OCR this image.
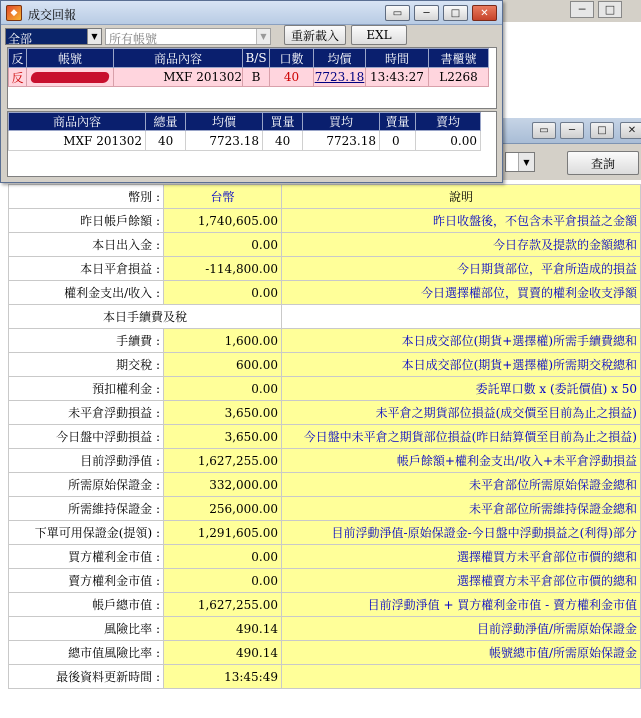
─	□
▭	─	□	✕
▼	查詢
幣別 :	台幣	說明
昨日帳戶餘額 :	1,740,605.00	昨日收盤後，不包含未平倉損益之金額
本日出入金 :	0.00	今日存款及提款的金額總和
本日平倉損益 :	-114,800.00	今日期貨部位，平倉所造成的損益
權利金支出/收入 :	0.00	今日選擇權部位，買賣的權利金收支淨額
本日手續費及稅		
手續費 :	1,600.00	本日成交部位(期貨+選擇權)所需手續費總和
期交稅 :	600.00	本日成交部位(期貨+選擇權)所需期交稅總和
預扣權利金 :	0.00	委託單口數 x (委託價值) x 50
未平倉浮動損益 :	3,650.00	未平倉之期貨部位損益(成交價至目前為止之損益)
今日盤中浮動損益 :	3,650.00	今日盤中未平倉之期貨部位損益(昨日結算價至目前為止之損益)
目前浮動淨值 :	1,627,255.00	帳戶餘額+權利金支出/收入+未平倉浮動損益
所需原始保證金 :	332,000.00	未平倉部位所需原始保證金總和
所需維持保證金 :	256,000.00	未平倉部位所需維持保證金總和
下單可用保證金(提領) :	1,291,605.00	目前浮動淨值-原始保證金-今日盤中浮動損益之(利得)部分
買方權利金市值 :	0.00	選擇權買方未平倉部位市價的總和
賣方權利金市值 :	0.00	選擇權賣方未平倉部位市價的總和
帳戶總市值 :	1,627,255.00	目前浮動淨值 + 買方權利金市值 - 賣方權利金市值
風險比率 :	490.14	目前浮動淨值/所需原始保證金
總市值風險比率 :	490.14	帳號總市值/所需原始保證金
最後資料更新時間 :	13:45:49	
◆ 成交回報	▭	─	□	✕
全部	▼ 所有帳號	▼	重新載入	EXL
反	帳號	商品內容	B/S	口數	均價	時間	書櫃號
反		MXF 201302	B	40	7723.18	13:43:27	L2268
商品內容	總量	均價	買量	買均	賣量	賣均
MXF 201302	40	7723.18	40	7723.18	0	0.00
